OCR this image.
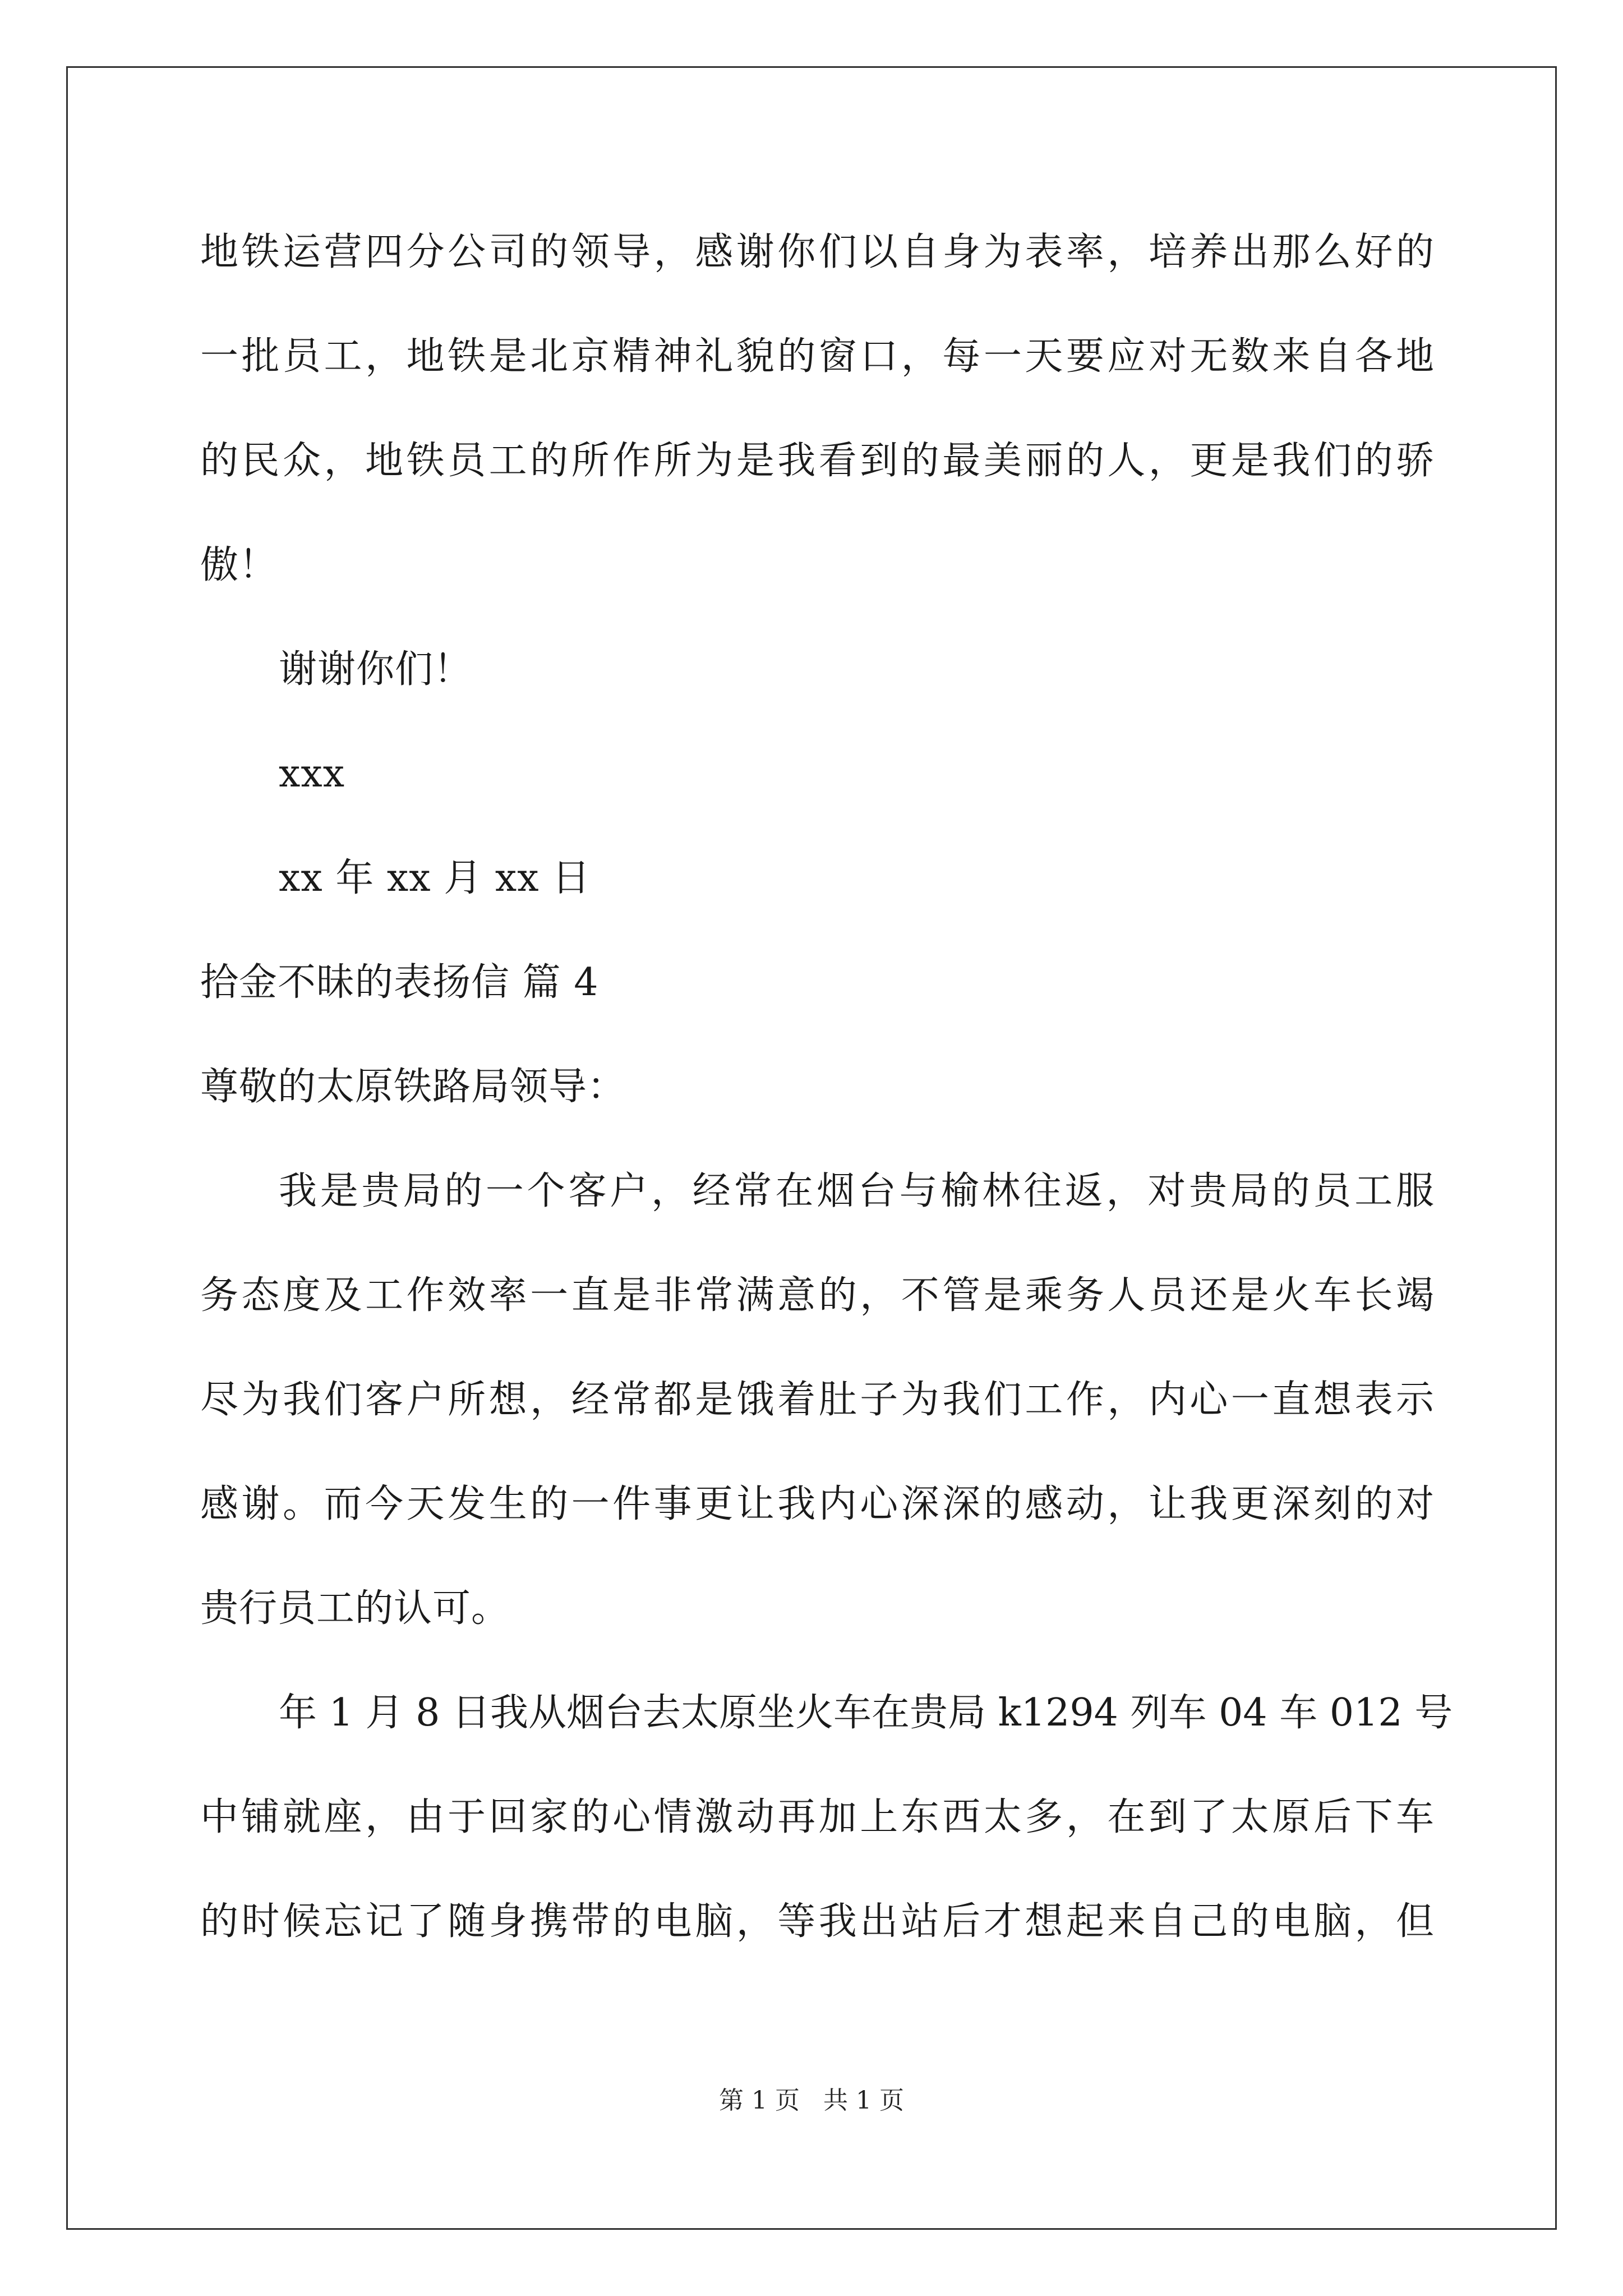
地铁运营四分公司的领导，感谢你们以自身为表率，培养出那么好的

一批员工，地铁是北京精神礼貌的窗口，每一天要应对无数来自各地

的民众，地铁员工的所作所为是我看到的最美丽的人，更是我们的骄

傲！

谢谢你们！

xxx

xx 年 xx 月 xx 日

拾金不昧的表扬信 篇 4

尊敬的太原铁路局领导：

我是贵局的一个客户，经常在烟台与榆林往返，对贵局的员工服

务态度及工作效率一直是非常满意的，不管是乘务人员还是火车长竭

尽为我们客户所想，经常都是饿着肚子为我们工作，内心一直想表示

感谢。而今天发生的一件事更让我内心深深的感动，让我更深刻的对

贵行员工的认可。

年 1 月 8 日我从烟台去太原坐火车在贵局 k1294 列车 04 车 012 号

中铺就座，由于回家的心情激动再加上东西太多，在到了太原后下车

的时候忘记了随身携带的电脑，等我出站后才想起来自己的电脑，但

第 1 页   共 1 页
